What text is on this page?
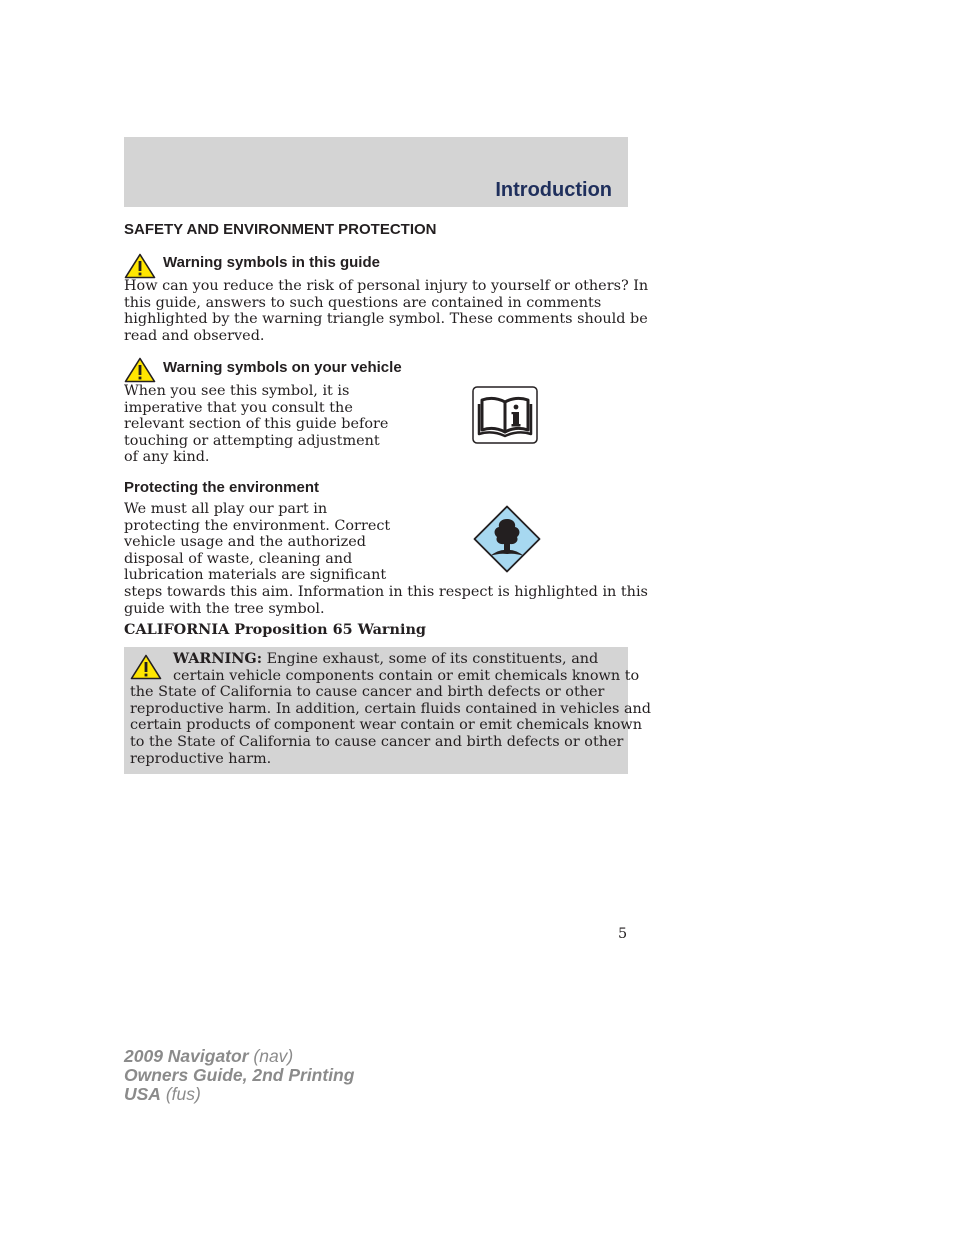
Introduction
SAFETY AND ENVIRONMENT PROTECTION
Warning symbols in this guide
How can you reduce the risk of personal injury to yourself or others? In
this guide, answers to such questions are contained in comments
highlighted by the warning triangle symbol. These comments should be
read and observed.
Warning symbols on your vehicle
When you see this symbol, it is
imperative that you consult the
relevant section of this guide before
touching or attempting adjustment
of any kind.
Protecting the environment
We must all play our part in
protecting the environment. Correct
vehicle usage and the authorized
disposal of waste, cleaning and
lubrication materials are significant
steps towards this aim. Information in this respect is highlighted in this
guide with the tree symbol.
CALIFORNIA Proposition 65 Warning
WARNING: Engine exhaust, some of its constituents, and
certain vehicle components contain or emit chemicals known to
the State of California to cause cancer and birth defects or other
reproductive harm. In addition, certain fluids contained in vehicles and
certain products of component wear contain or emit chemicals known
to the State of California to cause cancer and birth defects or other
reproductive harm.
5
2009 Navigator (nav)
Owners Guide, 2nd Printing
USA (fus)
